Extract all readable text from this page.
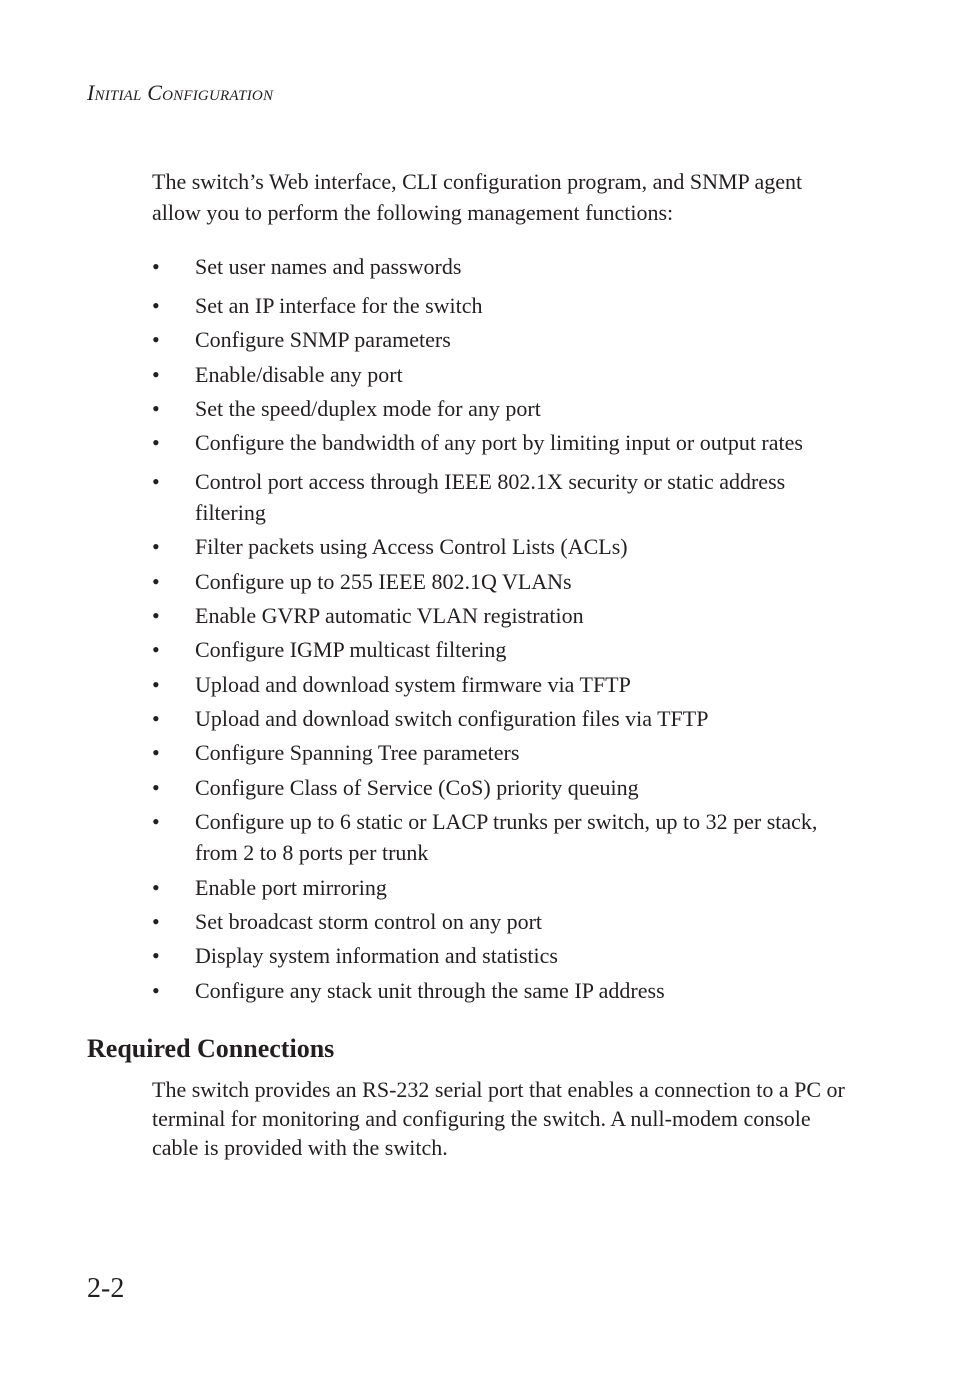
Initial Configuration

The switch’s Web interface, CLI configuration program, and SNMP agent allow you to perform the following management functions:

•	Set user names and passwords
•	Set an IP interface for the switch
•	Configure SNMP parameters
•	Enable/disable any port
•	Set the speed/duplex mode for any port
•	Configure the bandwidth of any port by limiting input or output rates
•	Control port access through IEEE 802.1X security or static address filtering
•	Filter packets using Access Control Lists (ACLs)
•	Configure up to 255 IEEE 802.1Q VLANs
•	Enable GVRP automatic VLAN registration
•	Configure IGMP multicast filtering
•	Upload and download system firmware via TFTP
•	Upload and download switch configuration files via TFTP
•	Configure Spanning Tree parameters
•	Configure Class of Service (CoS) priority queuing
•	Configure up to 6 static or LACP trunks per switch, up to 32 per stack, from 2 to 8 ports per trunk
•	Enable port mirroring
•	Set broadcast storm control on any port
•	Display system information and statistics
•	Configure any stack unit through the same IP address
Required Connections

The switch provides an RS-232 serial port that enables a connection to a PC or terminal for monitoring and configuring the switch. A null-modem console cable is provided with the switch.

2-2
